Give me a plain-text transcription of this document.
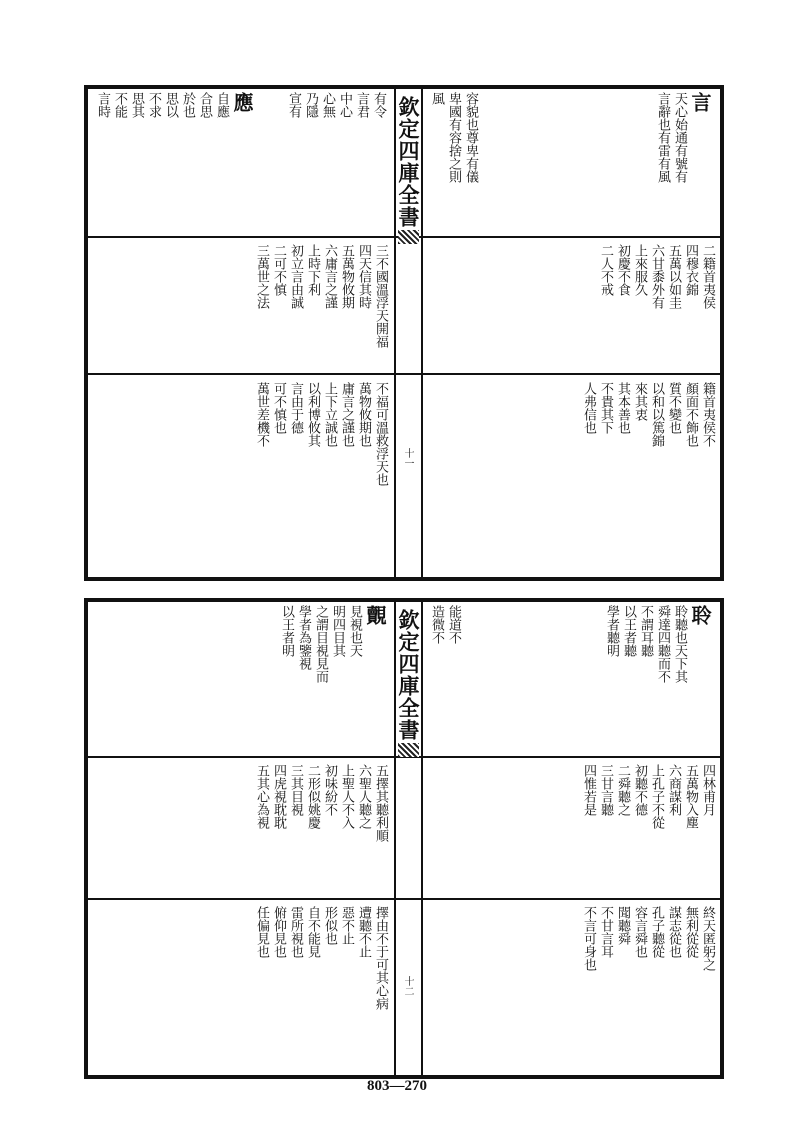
有令
言君
中心
心無
乃隱
宣有
應
自應
合思
於也
思以
不求
思其
不能
言時
三不國溫浮天開福
四天信其時
五萬物攸期
六庸言之謹
上時下利
初立言由誠
二可不慎
三萬世之法
不福可溫救浮天也
萬物攸期也
庸言之謹也
上下立誠也
以利博攸其
言由于德
可不慎也
萬世差機不
欽定四庫全書
十一
言
天心始通有號有
言辭也有雷有風
容貌也尊卑有儀
卑國有容捨之則
風
二籍首夷侯
四穆衣錦
五萬以如圭
六甘黍外有
上來服久
初慶不食
二人不戒
籍首夷侯不
顏面不飾也
質不變也
以和以篤錦
來其衷
其本善也
不貴其下
人弗信也
覿
見視也天
明四目其
之謂目視見而
學者為鑒視
以王者明
五擇其聽利順
六聖人聽之
上聖人不入
初味紛不
二形似姚慶
三其目視
四虎視耽耽
五其心為視
擇由不于可其心病
遭聽不止
惡不止
形似也
自不能見
雷所視也
俯仰見也
任偏見也
欽定四庫全書
十二
聆
聆聽也天下其
舜達四聽而不
不謂耳聽
以王者聽
學者聽明
能道不
造微不
四林甫月
五萬物入塵
六商謀利
上孔子不從
初聽不德
二舜聽之
三甘言聽
四惟若是
終天匿躬之
無利從從
謀志從也
孔子聽從
容言舜也
聞聽舜
不甘言耳
不言可身也
803—270
